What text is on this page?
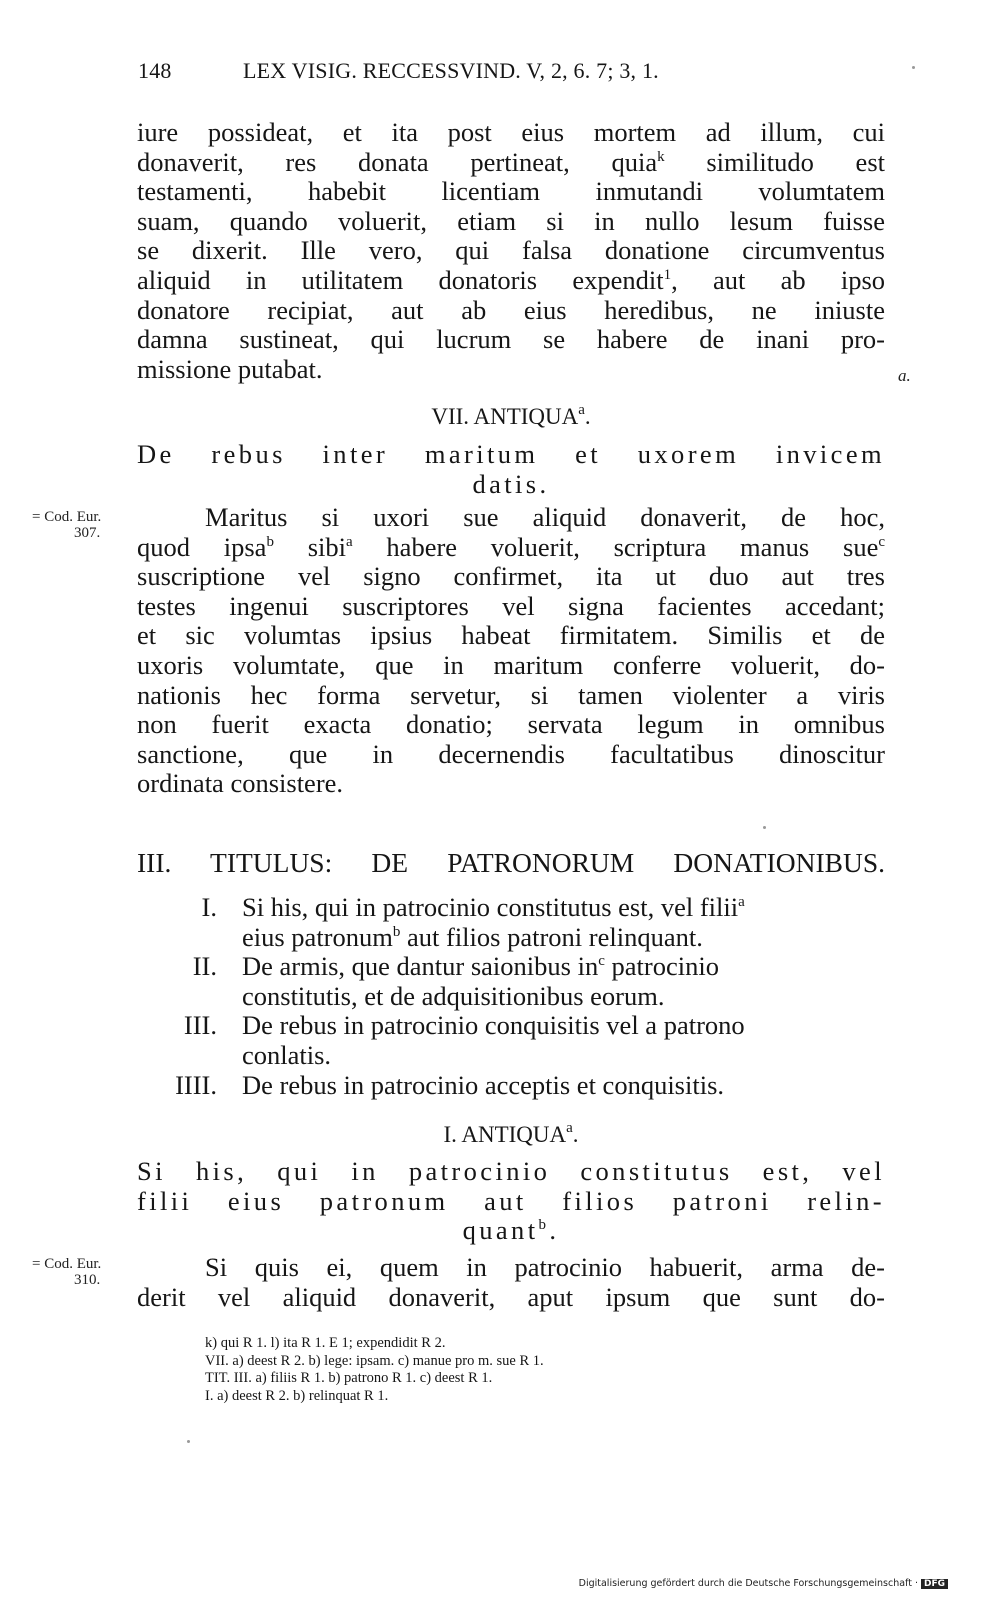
148	LEX VISIG. RECCESSVIND. V, 2, 6. 7; 3, 1.
iure possideat, et ita post eius mortem ad illum, cui
donaverit, res donata pertineat, quia$^k$ similitudo est
testamenti, habebit licentiam inmutandi volumtatem
suam, quando voluerit, etiam si in nullo lesum fuisse
se dixerit. Ille vero, qui falsa donatione circumventus
aliquid in utilitatem donatoris expendit$^1$, aut ab ipso
donatore recipiat, aut ab eius heredibus, ne iniuste
damna sustineat, qui lucrum se habere de inani pro-
missione putabat.	a.
VII. ANTIQUA$^a$.
De rebus inter maritum et uxorem invicem
datis.
= Cod. Eur.
307.
Maritus si uxori sue aliquid donaverit, de hoc,
quod ipsa$^b$ sibi$^a$ habere voluerit, scriptura manus sue$^c$
suscriptione vel signo confirmet, ita ut duo aut tres
testes ingenui suscriptores vel signa facientes accedant;
et sic volumtas ipsius habeat firmitatem. Similis et de
uxoris volumtate, que in maritum conferre voluerit, do-
nationis hec forma servetur, si tamen violenter a viris
non fuerit exacta donatio; servata legum in omnibus
sanctione, que in decernendis facultatibus dinoscitur
ordinata consistere.
III. TITULUS: DE PATRONORUM DONATIONIBUS.
I. Si his, qui in patrocinio constitutus est, vel filii$^a$
eius patronum$^b$ aut filios patroni relinquant.
II. De armis, que dantur saionibus $in^c$ patrocinio
constitutis, et de adquisitionibus eorum.
III. De rebus in patrocinio conquisitis vel a patrono
conlatis.
IIII. De rebus in patrocinio acceptis et conquisitis.
I. ANTIQUA$^a$.
Si his, qui in patrocinio constitutus est, vel
filii eius patronum aut filios patroni relin-
quant$^b$.
= Cod. Eur.
310.	Si quis ei, quem in patrocinio habuerit, arma de-
derit vel aliquid donaverit, aput ipsum que sunt do-
k) qui R 1. l) ita R 1. E 1; expendidit R 2.
VII. a) deest R 2. b) lege: ipsam. c) manue pro m. sue R 1.
TIT. III. a) filiis R 1. b) patrono R 1. c) deest R 1.
I. a) deest R 2. b) relinquat R 1.
Digitalisierung gefördert durch die Deutsche Forschungsgemeinschaft · DFG
